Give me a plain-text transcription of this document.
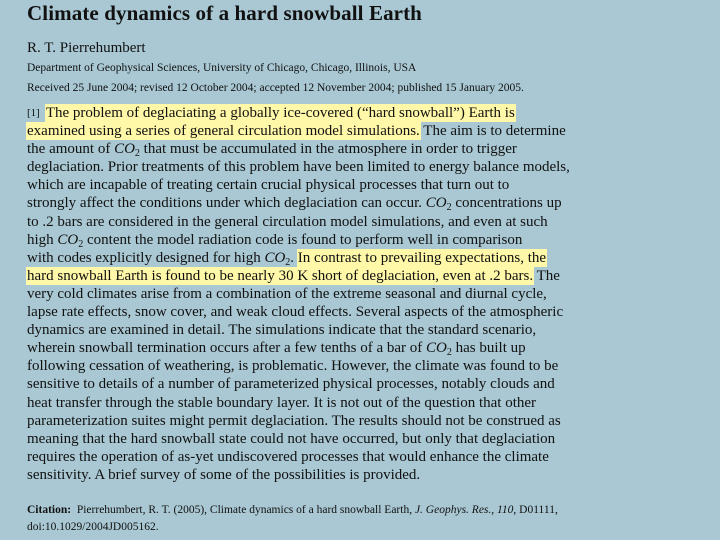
Climate dynamics of a hard snowball Earth
R. T. Pierrehumbert
Department of Geophysical Sciences, University of Chicago, Chicago, Illinois, USA
Received 25 June 2004; revised 12 October 2004; accepted 12 November 2004; published 15 January 2005.
[1] The problem of deglaciating a globally ice-covered (“hard snowball”) Earth is
examined using a series of general circulation model simulations. The aim is to determine
the amount of $CO_2$ that must be accumulated in the atmosphere in order to trigger
deglaciation. Prior treatments of this problem have been limited to energy balance models,
which are incapable of treating certain crucial physical processes that turn out to
strongly affect the conditions under which deglaciation can occur. $CO_2$ concentrations up
to .2 bars are considered in the general circulation model simulations, and even at such
high $CO_2$ content the model radiation code is found to perform well in comparison
with codes explicitly designed for high $CO_2$. In contrast to prevailing expectations, the
hard snowball Earth is found to be nearly 30 K short of deglaciation, even at .2 bars. The
very cold climates arise from a combination of the extreme seasonal and diurnal cycle,
lapse rate effects, snow cover, and weak cloud effects. Several aspects of the atmospheric
dynamics are examined in detail. The simulations indicate that the standard scenario,
wherein snowball termination occurs after a few tenths of a bar of $CO_2$ has built up
following cessation of weathering, is problematic. However, the climate was found to be
sensitive to details of a number of parameterized physical processes, notably clouds and
heat transfer through the stable boundary layer. It is not out of the question that other
parameterization suites might permit deglaciation. The results should not be construed as
meaning that the hard snowball state could not have occurred, but only that deglaciation
requires the operation of as-yet undiscovered processes that would enhance the climate
sensitivity. A brief survey of some of the possibilities is provided.
Citation: Pierrehumbert, R. T. (2005), Climate dynamics of a hard snowball Earth, J. Geophys. Res., 110, D01111,
doi:10.1029/2004JD005162.
